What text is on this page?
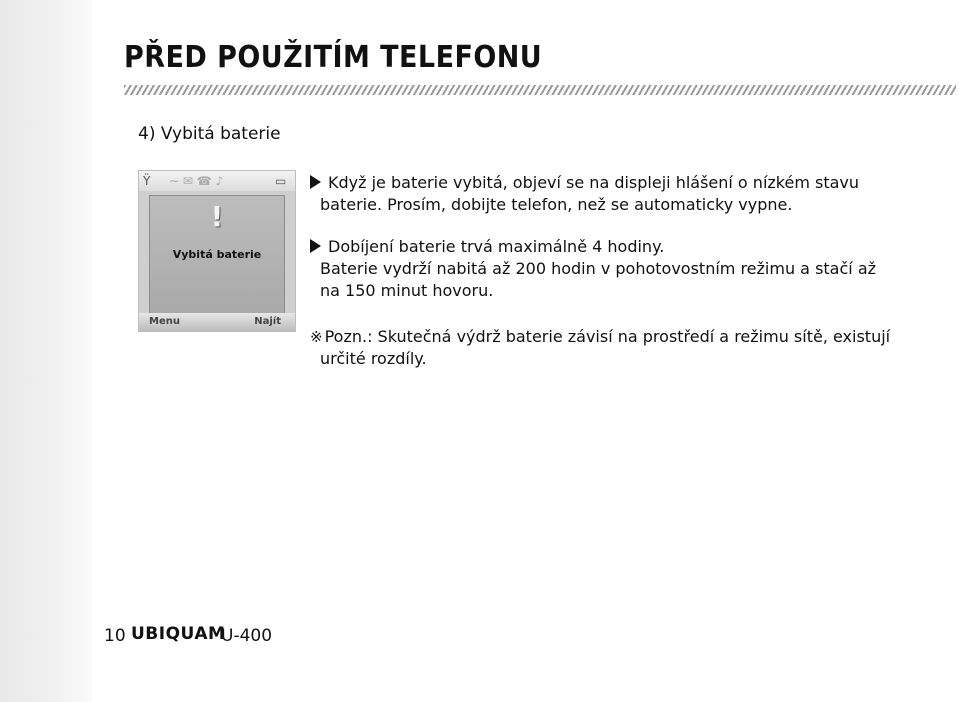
PŘED POUŽITÍM TELEFONU
4) Vybitá baterie
Ÿ ∼ ✉ ☎ ♪	▭
!
Vybitá baterie
Menu	Najít
Když je baterie vybitá, objeví se na displeji hlášení o nízkém stavu
baterie. Prosím, dobijte telefon, než se automaticky vypne.
Dobíjení baterie trvá maximálně 4 hodiny.
Baterie vydrží nabitá až 200 hodin v pohotovostním režimu a stačí až
na 150 minut hovoru.
※ Pozn.: Skutečná výdrž baterie závisí na prostředí a režimu sítě, existují
určité rozdíly.
10 UBIQUAM
U-400
